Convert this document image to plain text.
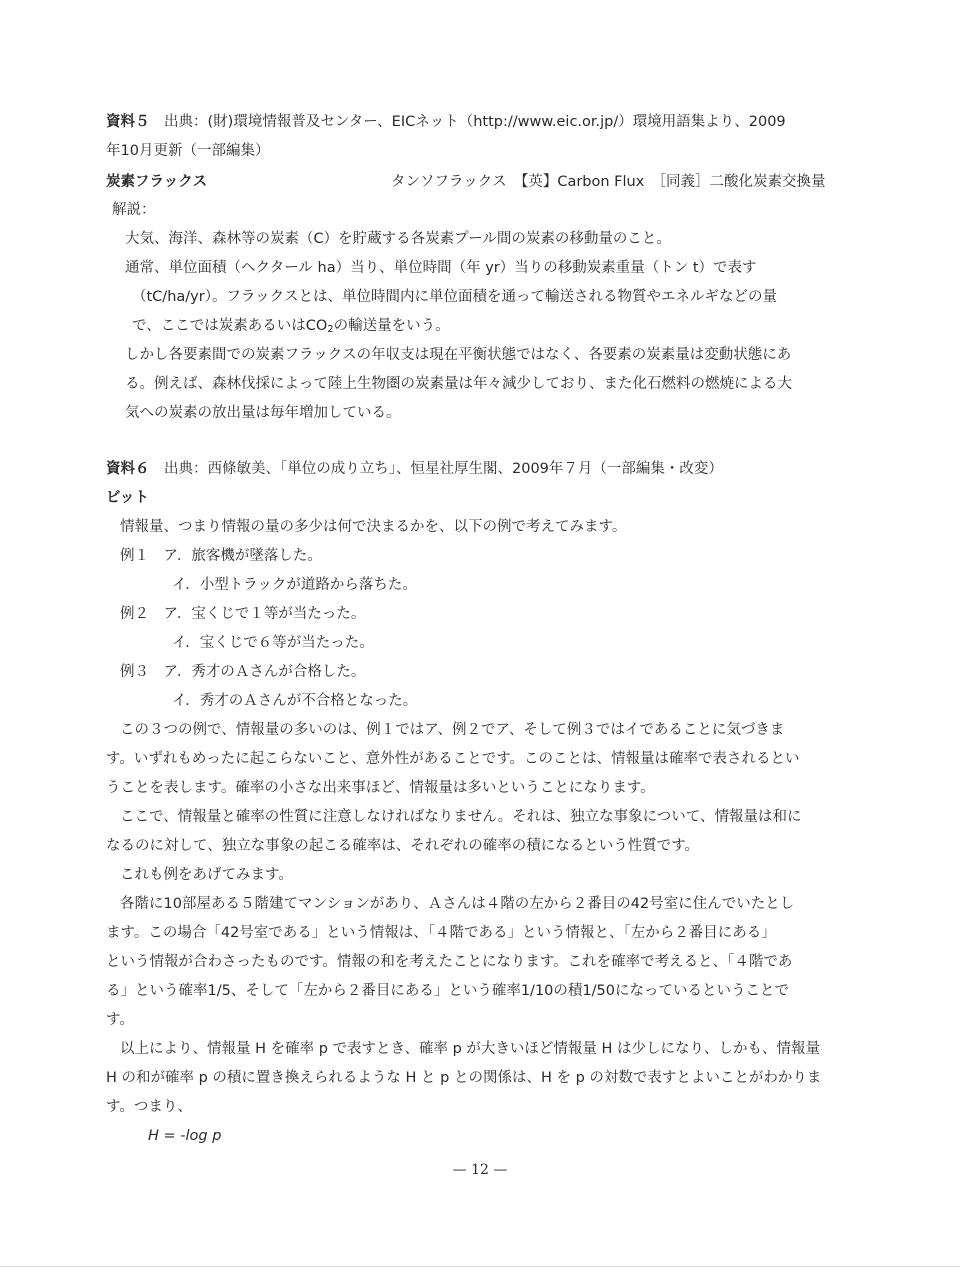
資料５　出典：(財)環境情報普及センター、EICネット（http://www.eic.or.jp/）環境用語集より、2009
年10月更新（一部編集）
炭素フラックス	タンソフラックス　【英】Carbon Flux　［同義］二酸化炭素交換量
解説：
大気、海洋、森林等の炭素（C）を貯蔵する各炭素プール間の炭素の移動量のこと。
通常、単位面積（ヘクタール ha）当り、単位時間（年 yr）当りの移動炭素重量（トン t）で表す
（tC/ha/yr）。フラックスとは、単位時間内に単位面積を通って輸送される物質やエネルギなどの量
で、ここでは炭素あるいは$CO_2$の輸送量をいう。
しかし各要素間での炭素フラックスの年収支は現在平衡状態ではなく、各要素の炭素量は変動状態にあ
る。例えば、森林伐採によって陸上生物圏の炭素量は年々減少しており、また化石燃料の燃焼による大
気への炭素の放出量は毎年増加している。
資料６　出典：西條敏美、「単位の成り立ち」、恒星社厚生閣、2009年７月（一部編集・改変）
ビット
情報量、つまり情報の量の多少は何で決まるかを、以下の例で考えてみます。
例１　ア．旅客機が墜落した。
イ．小型トラックが道路から落ちた。
例２　ア．宝くじで１等が当たった。
イ．宝くじで６等が当たった。
例３　ア．秀才のＡさんが合格した。
イ．秀才のＡさんが不合格となった。
この３つの例で、情報量の多いのは、例１ではア、例２でア、そして例３ではイであることに気づきま
す。いずれもめったに起こらないこと、意外性があることです。このことは、情報量は確率で表されるとい
うことを表します。確率の小さな出来事ほど、情報量は多いということになります。
ここで、情報量と確率の性質に注意しなければなりません。それは、独立な事象について、情報量は和に
なるのに対して、独立な事象の起こる確率は、それぞれの確率の積になるという性質です。
これも例をあげてみます。
各階に10部屋ある５階建てマンションがあり、Ａさんは４階の左から２番目の42号室に住んでいたとし
ます。この場合「42号室である」という情報は、「４階である」という情報と、「左から２番目にある」
という情報が合わさったものです。情報の和を考えたことになります。これを確率で考えると、「４階であ
る」という確率1/5、そして「左から２番目にある」という確率1/10の積1/50になっているということで
す。
以上により、情報量 H を確率 p で表すとき、確率 p が大きいほど情報量 H は少しになり、しかも、情報量
H の和が確率 p の積に置き換えられるような H と p との関係は、H を p の対数で表すとよいことがわかりま
す。つまり、
H = -log p
— 12 —
